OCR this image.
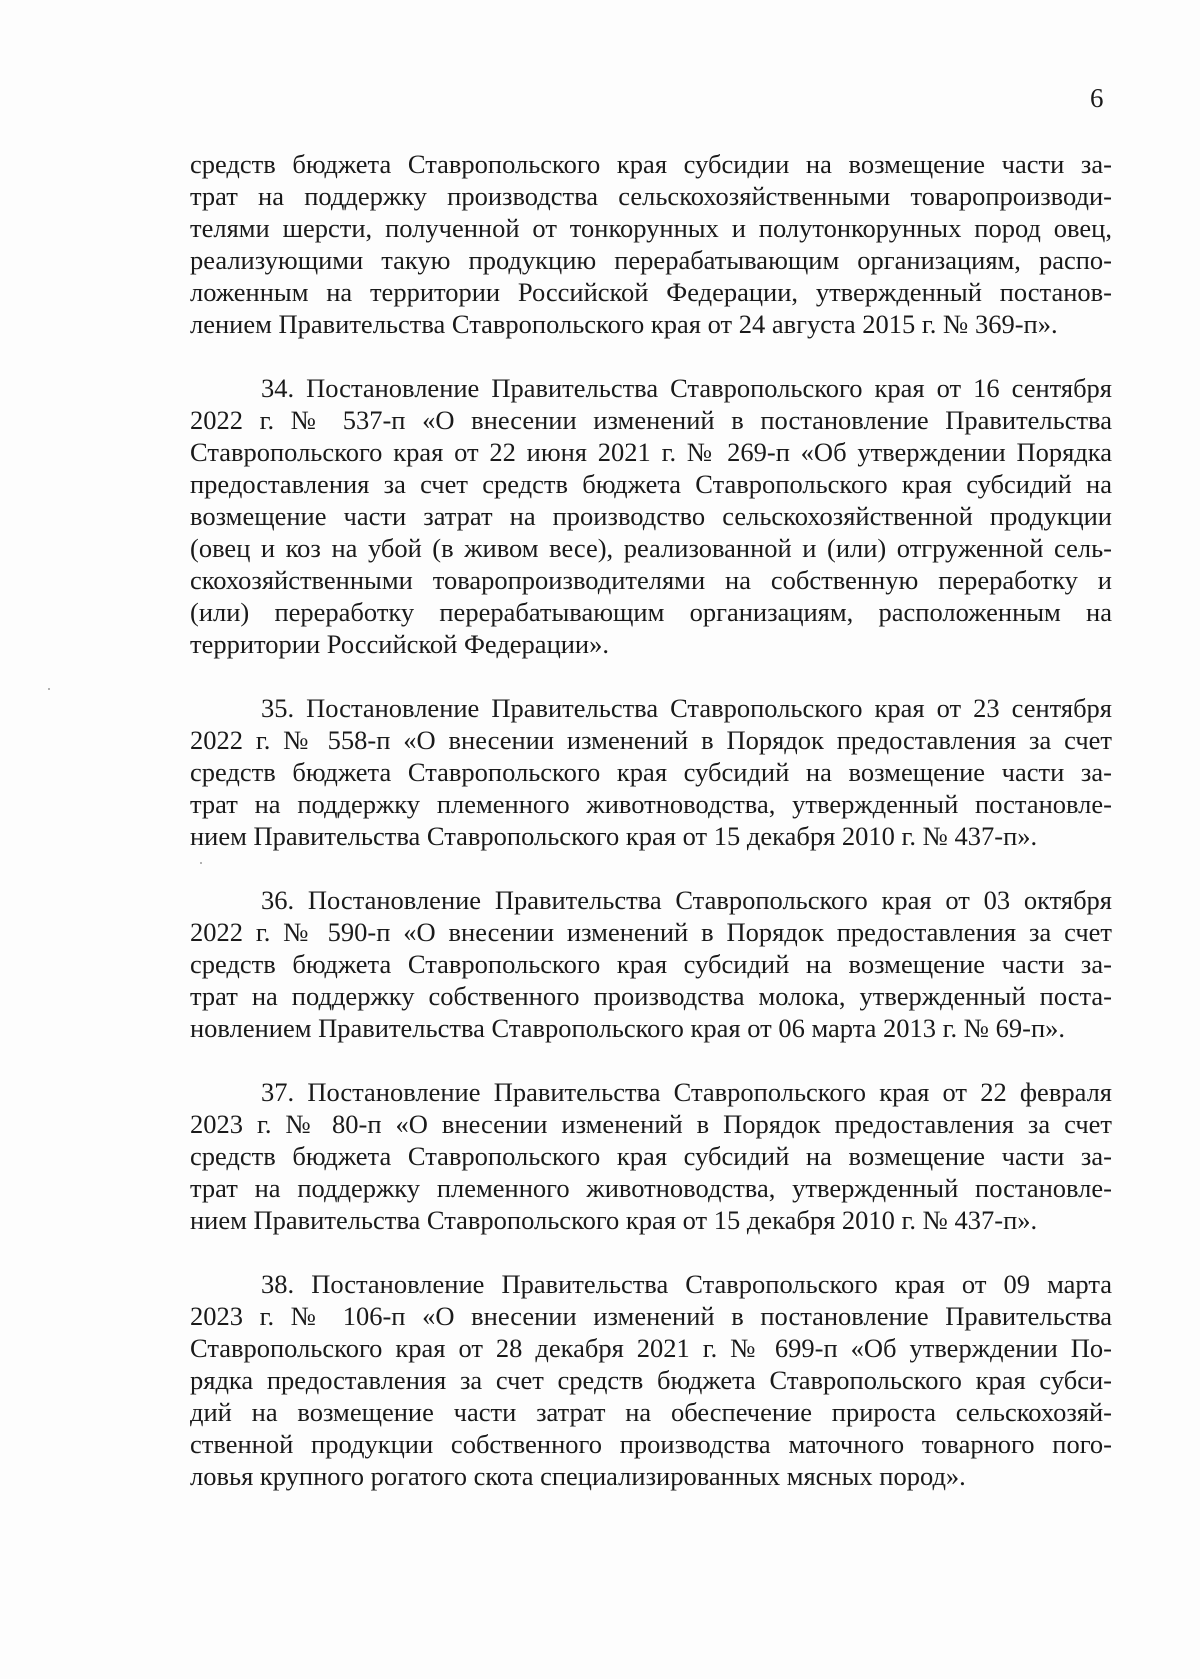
6
средств бюджета Ставропольского края субсидии на возмещение части за-
трат на поддержку производства сельскохозяйственными товаропроизводи-
телями шерсти, полученной от тонкорунных и полутонкорунных пород овец,
реализующими такую продукцию перерабатывающим организациям, распо-
ложенным на территории Российской Федерации, утвержденный постанов-
лением Правительства Ставропольского края от 24 августа 2015 г. № 369-п».
34. Постановление Правительства Ставропольского края от 16 сентября
2022 г. № 537-п «О внесении изменений в постановление Правительства
Ставропольского края от 22 июня 2021 г. № 269-п «Об утверждении Порядка
предоставления за счет средств бюджета Ставропольского края субсидий на
возмещение части затрат на производство сельскохозяйственной продукции
(овец и коз на убой (в живом весе), реализованной и (или) отгруженной сель-
скохозяйственными товаропроизводителями на собственную переработку и
(или) переработку перерабатывающим организациям, расположенным на
территории Российской Федерации».
35. Постановление Правительства Ставропольского края от 23 сентября
2022 г. № 558-п «О внесении изменений в Порядок предоставления за счет
средств бюджета Ставропольского края субсидий на возмещение части за-
трат на поддержку племенного животноводства, утвержденный постановле-
нием Правительства Ставропольского края от 15 декабря 2010 г. № 437-п».
36. Постановление Правительства Ставропольского края от 03 октября
2022 г. № 590-п «О внесении изменений в Порядок предоставления за счет
средств бюджета Ставропольского края субсидий на возмещение части за-
трат на поддержку собственного производства молока, утвержденный поста-
новлением Правительства Ставропольского края от 06 марта 2013 г. № 69-п».
37. Постановление Правительства Ставропольского края от 22 февраля
2023 г. № 80-п «О внесении изменений в Порядок предоставления за счет
средств бюджета Ставропольского края субсидий на возмещение части за-
трат на поддержку племенного животноводства, утвержденный постановле-
нием Правительства Ставропольского края от 15 декабря 2010 г. № 437-п».
38. Постановление Правительства Ставропольского края от 09 марта
2023 г. № 106-п «О внесении изменений в постановление Правительства
Ставропольского края от 28 декабря 2021 г. № 699-п «Об утверждении По-
рядка предоставления за счет средств бюджета Ставропольского края субси-
дий на возмещение части затрат на обеспечение прироста сельскохозяй-
ственной продукции собственного производства маточного товарного пого-
ловья крупного рогатого скота специализированных мясных пород».
